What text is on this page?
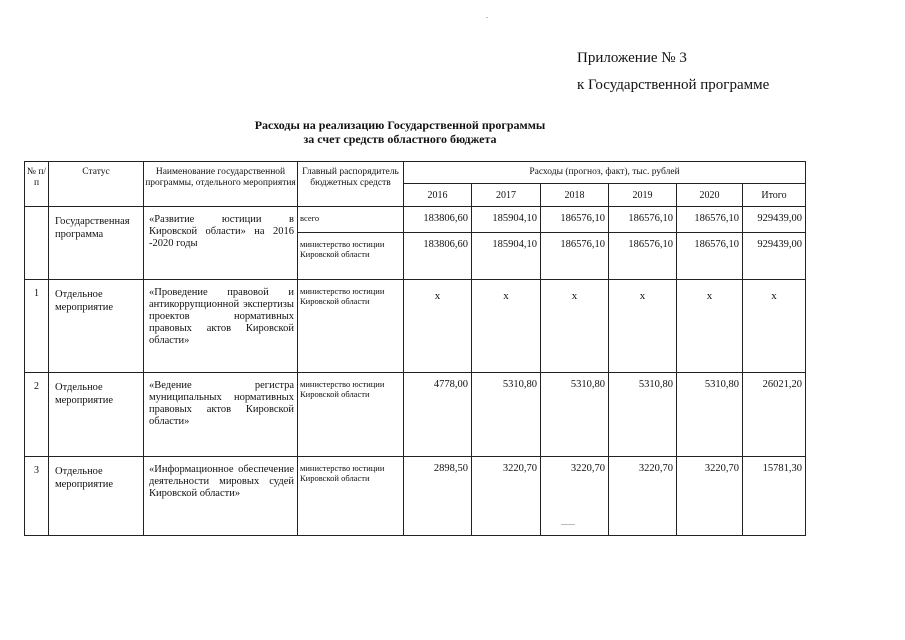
Приложение № 3
к Государственной программе
Расходы на реализацию Государственной программы
за счет средств областного бюджета
№ п/п	Статус	Наименование государственной программы, отдельного мероприятия	Главный распорядитель бюджетных средств	Расходы (прогноз, факт), тыс. рублей					
				2016	2017	2018	2019	2020	Итого
	Государственная программа	«Развитие юстиции в Кировской области» на 2016 -2020 годы	всего	183806,60	185904,10	186576,10	186576,10	186576,10	929439,00
			министерство юстиции Кировской области	183806,60	185904,10	186576,10	186576,10	186576,10	929439,00
1	Отдельное мероприятие	«Проведение правовой и антикоррупционной экспертизы проектов нормативных правовых актов Кировской области»	министерство юстиции Кировской области	x	x	x	x	x	x
2	Отдельное мероприятие	«Ведение регистра муниципальных нормативных правовых актов Кировской области»	министерство юстиции Кировской области	4778,00	5310,80	5310,80	5310,80	5310,80	26021,20
3	Отдельное мероприятие	«Информационное обеспечение деятельности мировых судей Кировской области»	министерство юстиции Кировской области	2898,50	3220,70	3220,70	3220,70	3220,70	15781,30
